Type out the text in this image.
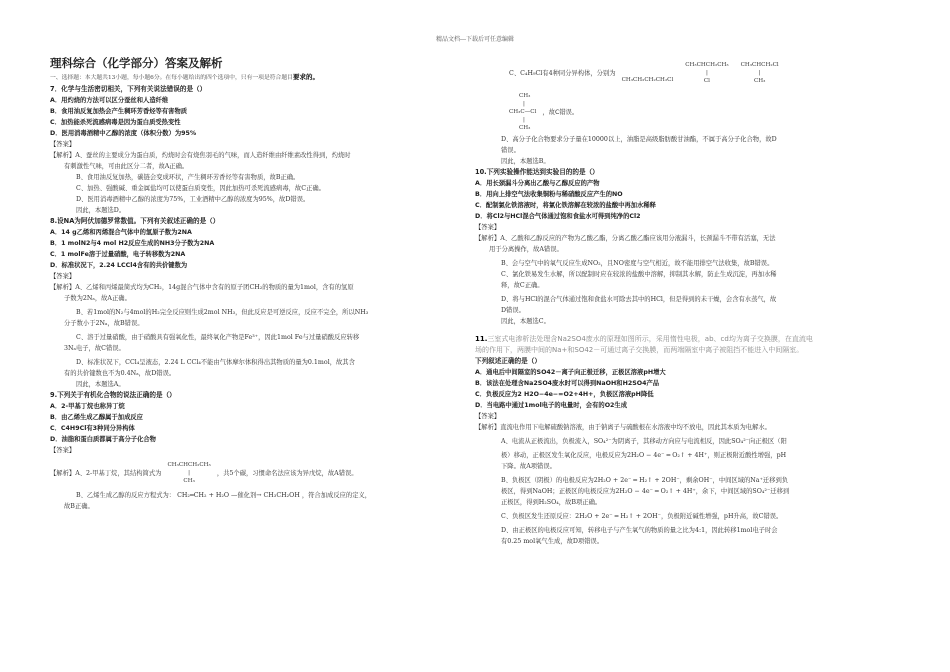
精品文档---下载后可任意编辑
理科综合（化学部分）答案及解析
一、选择题：本大题共13小题，每小题6分。在每小题给出的四个选项中，只有一项是符合题目要求的。
7．化学与生活密切相关，下列有关说法错误的是（）
A．用灼烧的方法可以区分蚕丝和人造纤维
B．食用油反复加热会产生稠环芳香烃等有害物质
C．加热能杀死流感病毒是因为蛋白质受热变性
D．医用消毒酒精中乙醇的浓度（体积分数）为95%
【答案】
【解析】A、蚕丝的主要成分为蛋白质，灼烧时会有烧焦羽毛的气味，而人造纤维由纤维素改性得到，灼烧时
有刺激性气味，可由此区分二者，故A正确。
B、食用油反复加热，碳链会变成环状，产生稠环芳香烃等有害物质，故B正确。
C、加热、强酸碱、重金属盐均可以使蛋白质变性，因此加热可杀死流感病毒，故C正确。
D、医用消毒酒精中乙醇的浓度为75%，工业酒精中乙醇的浓度为95%，故D错误。
因此，本题选D。
8.设NA为阿伏加德罗常数值。下列有关叙述正确的是（）
A．14 g乙烯和丙烯混合气体中的氢原子数为2NA
B．1 molN2与4 mol H2反应生成的NH3分子数为2NA
C．1 molFe溶于过量硝酸，电子转移数为2NA
D．标准状况下，2.24 LCCl4含有的共价键数为
【答案】
【解析】A、乙烯和丙烯最简式均为CH₂，14g混合气体中含有的原子团CH₂的物质的量为1mol，含有的氢原
子数为2Nₐ，故A正确。
B、若1mol的N₂与4mol的H₂完全反应则生成2mol NH₃，但此反应是可逆反应，反应不完全，所以NH₃
分子数小于2Nₐ，故B错误。
C、溶于过量硝酸，由于硝酸具有强氧化性，最终氧化产物是Fe³⁺，因此1mol Fe与过量硝酸反应转移
3Nₐ电子，故C错误。
D、标准状况下，CCl₄呈液态，2.24 L CCl₄不能由气体摩尔体积得出其物质的量为0.1mol，故其含
有的共价键数也不为0.4Nₐ，故D错误。
因此，本题选A。
9.下列关于有机化合物的说法正确的是（）
A．2-甲基丁烷也称异丁烷
B．由乙烯生成乙醇属于加成反应
C．C4H9Cl有3种同分异构体
D．油脂和蛋白质都属于高分子化合物
【答案】
【解析】A、2-甲基丁烷，其结构简式为
CH₃CHCH₂CH₃
|
CH₃
，共5个碳，习惯命名法应该为异戊烷，故A错误。
B、乙烯生成乙醇的反应方程式为： CH₂═CH₂ + H₂O —催化剂→ CH₃CH₂OH ，符合加成反应的定义，
故B正确。
C、C₄H₉Cl有4种同分异构体，分别为
CH₃CH₂CH₂CH₂Cl
CH₃CHCH₂CH₃
|
Cl
CH₃CHCH₂Cl
|
CH₃
CH₃
|
CH₃C—Cl
|
CH₃
，故C错误。
D、高分子化合物要求分子量在10000以上，油脂是高级脂肪酸甘油酯，不属于高分子化合物，故D
错误。
因此，本题选B。
10.下列实验操作能达到实验目的的是（）
A．用长颈漏斗分离出乙酸与乙醇反应的产物
B．用向上排空气法收集铜粉与稀硝酸反应产生的NO
C．配制氯化铁溶液时，将氯化铁溶解在较浓的盐酸中再加水稀释
D．将Cl2与HCl混合气体通过饱和食盐水可得到纯净的Cl2
【答案】
【解析】A、乙酸和乙醇反应的产物为乙酸乙酯，分离乙酸乙酯应该用分液漏斗，长颈漏斗不带有活塞，无法
用于分离操作，故A错误。
B、会与空气中的氧气反应生成NO₂，且NO密度与空气相近，故不能用排空气法收集，故B错误。
C、氯化铁易发生水解，所以配制时应在较浓的盐酸中溶解，抑制其水解，防止生成沉淀，再加水稀
释，故C正确。
D、将与HCl的混合气体通过饱和食盐水可除去其中的HCl，但是得到的未干燥，会含有水蒸气，故
D错误。
因此，本题选C。
11.三室式电渗析法处理含Na2SO4废水的原理如图所示，采用惰性电极，ab、cd均为离子交换膜，在直流电
场的作用下，两膜中间的Na+和SO42－可通过离子交换膜，而两端隔室中离子被阻挡不能进入中间隔室。
下列叙述正确的是（）
A．通电后中间隔室的SO42－离子向正极迁移，正极区溶液pH增大
B．该法在处理含Na2SO4废水时可以得到NaOH和H2SO4产品
C．负极反应为2 H2O−4e−=O2+4H+，负极区溶液pH降低
D．当电路中通过1mol电子的电量时，会有的O2生成
【答案】
【解析】直流电作用下电解硫酸钠溶液，由于钠离子与硫酸根在水溶液中均不放电，因此其本质为电解水。
A、电流从正极流出，负极流入，SO₄²⁻为阴离子，其移动方向应与电流相反，因此SO₄²⁻向正极区（阳
极）移动，正极区发生氧化反应，电极反应为2H₂O − 4e⁻ ═ O₂↑ + 4H⁺，则正极附近酸性增强，pH
下降。故A项错误。
B、负极区（阴极）的电极反应为2H₂O + 2e⁻ ═ H₂↑ + 2OH⁻，剩余OH⁻，中间区域的Na⁺迁移到负
极区，得到NaOH；正极区的电极反应为2H₂O − 4e⁻ ═ O₂↑ + 4H⁺，余下，中间区域的SO₄²⁻迁移到
正极区，得到H₂SO₄，故B项正确。
C、负极区发生还原反应：2H₂O + 2e⁻ ═ H₂↑ + 2OH⁻，负极附近碱性增强，pH升高，故C错误。
D、由正极区的电极反应可知，转移电子与产生氧气的物质的量之比为4:1，因此转移1mol电子时会
有0.25 mol氧气生成，故D项错误。
